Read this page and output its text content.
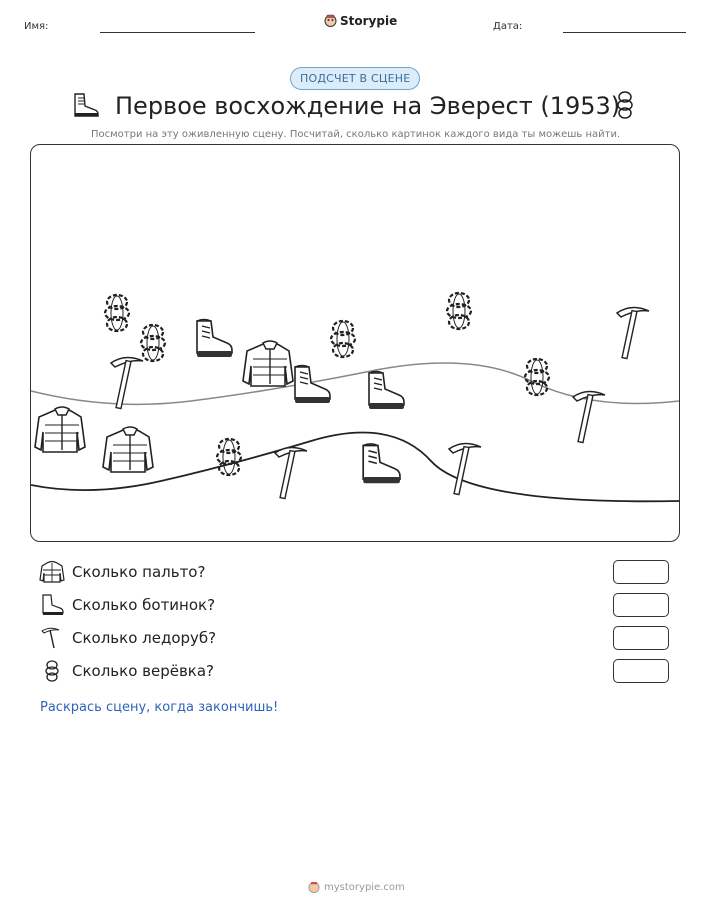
Имя:	Storypie	Дата:
ПОДСЧЕТ В СЦЕНЕ
Первое восхождение на Эверест (1953)
Посмотри на эту оживленную сцену. Посчитай, сколько картинок каждого вида ты можешь найти.
Сколько пальто?
Сколько ботинок?
Сколько ледоруб?
Сколько верёвка?
Раскрась сцену, когда закончишь!
mystorypie.com
